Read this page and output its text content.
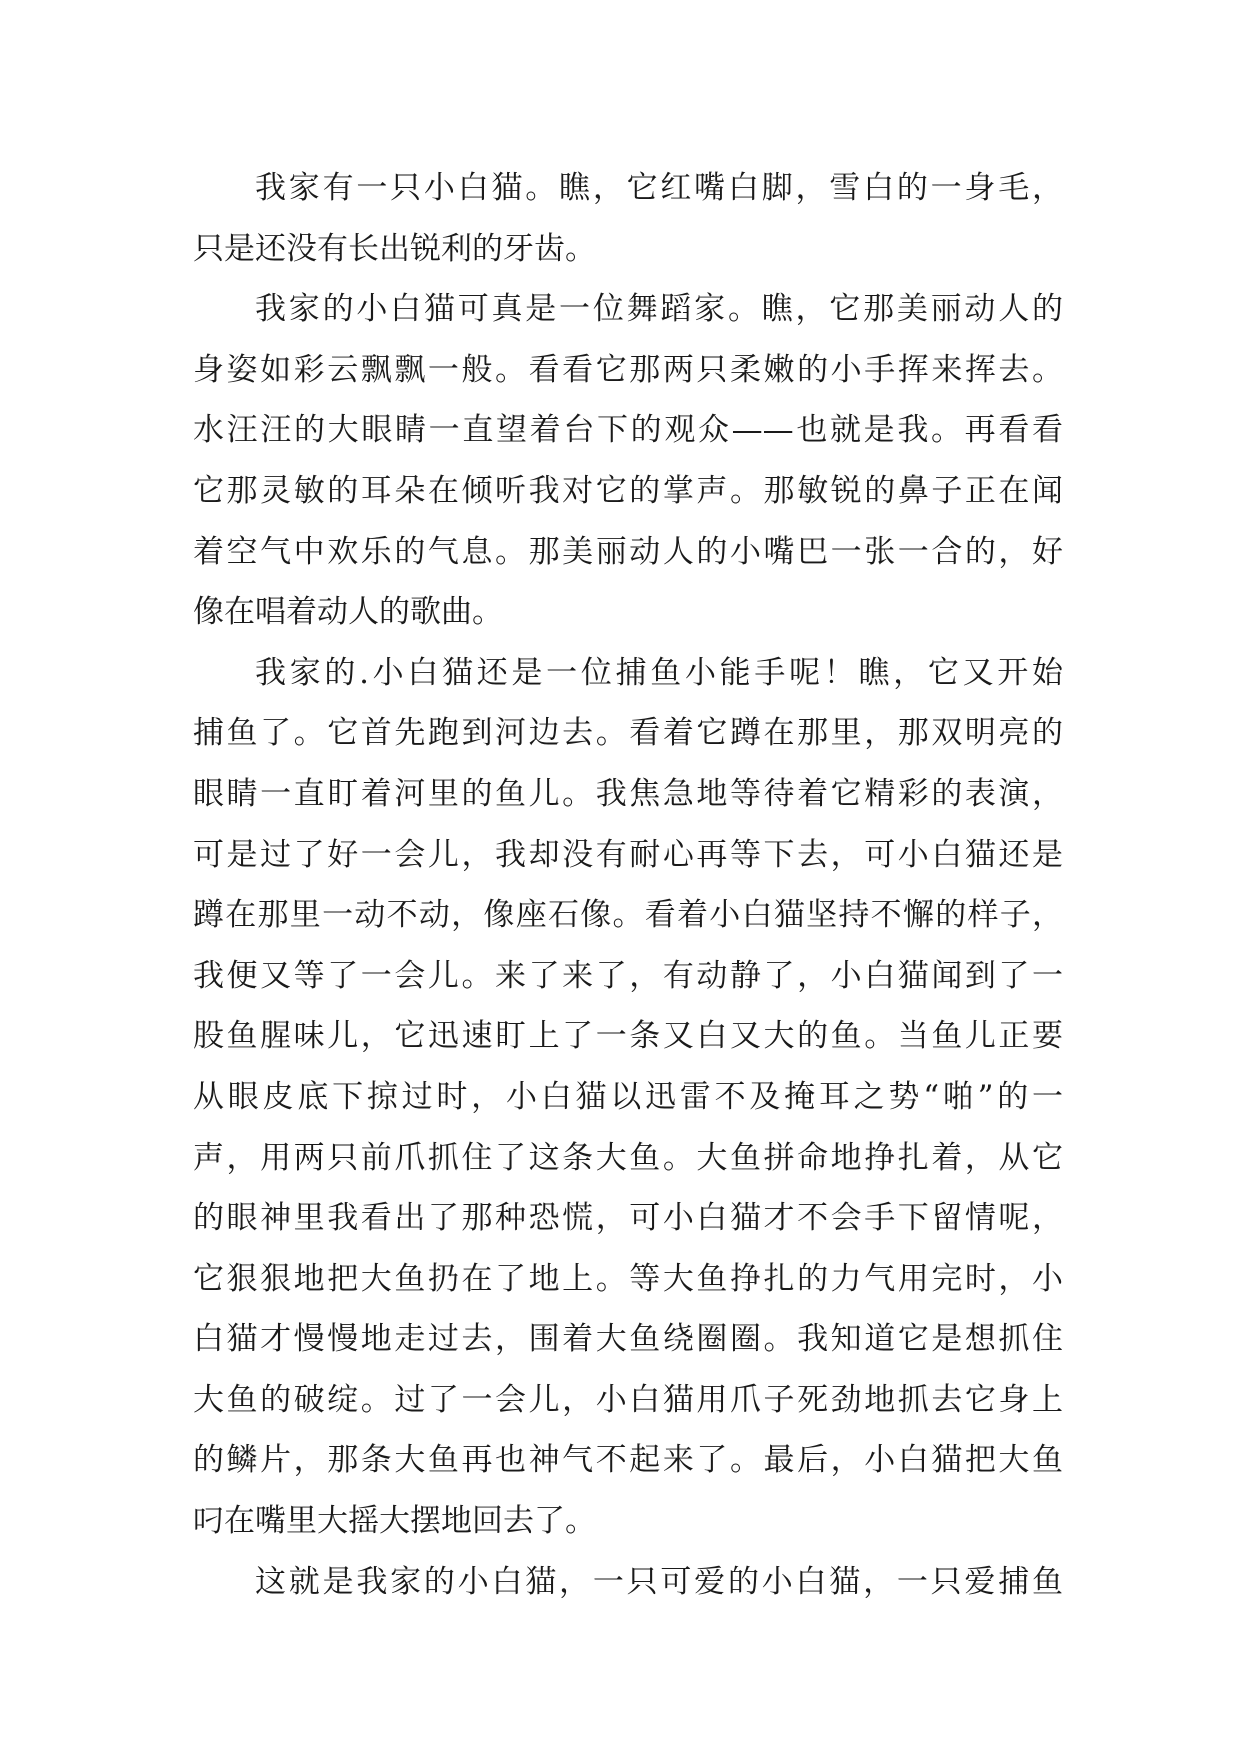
我家有一只小白猫。瞧，它红嘴白脚，雪白的一身毛，
只是还没有长出锐利的牙齿。
我家的小白猫可真是一位舞蹈家。瞧，它那美丽动人的
身姿如彩云飘飘一般。看看它那两只柔嫩的小手挥来挥去。
水汪汪的大眼睛一直望着台下的观众——也就是我。再看看
它那灵敏的耳朵在倾听我对它的掌声。那敏锐的鼻子正在闻
着空气中欢乐的气息。那美丽动人的小嘴巴一张一合的，好
像在唱着动人的歌曲。
我家的.小白猫还是一位捕鱼小能手呢！瞧，它又开始
捕鱼了。它首先跑到河边去。看着它蹲在那里，那双明亮的
眼睛一直盯着河里的鱼儿。我焦急地等待着它精彩的表演，
可是过了好一会儿，我却没有耐心再等下去，可小白猫还是
蹲在那里一动不动，像座石像。看着小白猫坚持不懈的样子，
我便又等了一会儿。来了来了，有动静了，小白猫闻到了一
股鱼腥味儿，它迅速盯上了一条又白又大的鱼。当鱼儿正要
从眼皮底下掠过时，小白猫以迅雷不及掩耳之势“啪”的一
声，用两只前爪抓住了这条大鱼。大鱼拼命地挣扎着，从它
的眼神里我看出了那种恐慌，可小白猫才不会手下留情呢，
它狠狠地把大鱼扔在了地上。等大鱼挣扎的力气用完时，小
白猫才慢慢地走过去，围着大鱼绕圈圈。我知道它是想抓住
大鱼的破绽。过了一会儿，小白猫用爪子死劲地抓去它身上
的鳞片，那条大鱼再也神气不起来了。最后，小白猫把大鱼
叼在嘴里大摇大摆地回去了。
这就是我家的小白猫，一只可爱的小白猫，一只爱捕鱼
